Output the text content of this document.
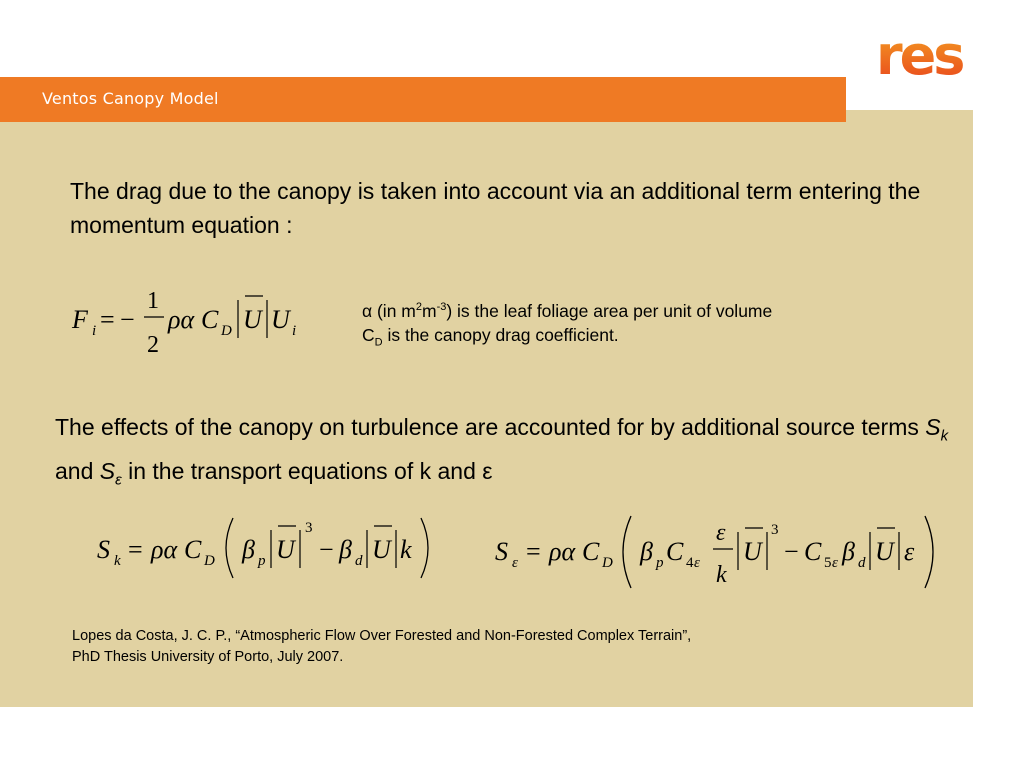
res
Ventos Canopy Model

The drag due to the canopy is taken into account via an additional term entering the momentum equation :

F i = −
1
2
ρα C D U U i
α (in $m^2m^{-3}$) is the leaf foliage area per unit of volume
$C_D$ is the canopy drag coefficient.

The effects of the canopy on turbulence are accounted for by additional source terms $S_k$ and $S_\varepsilon$ in the transport equations of k and ε

S k = ρα C D β p U
3
− β d U k	S ε = ρα C D β p C 4 ε
ε
k
U
3
− C 5 ε β d U ε
Lopes da Costa, J. C. P., “Atmospheric Flow Over Forested and Non-Forested Complex Terrain”,
PhD Thesis University of Porto, July 2007.
